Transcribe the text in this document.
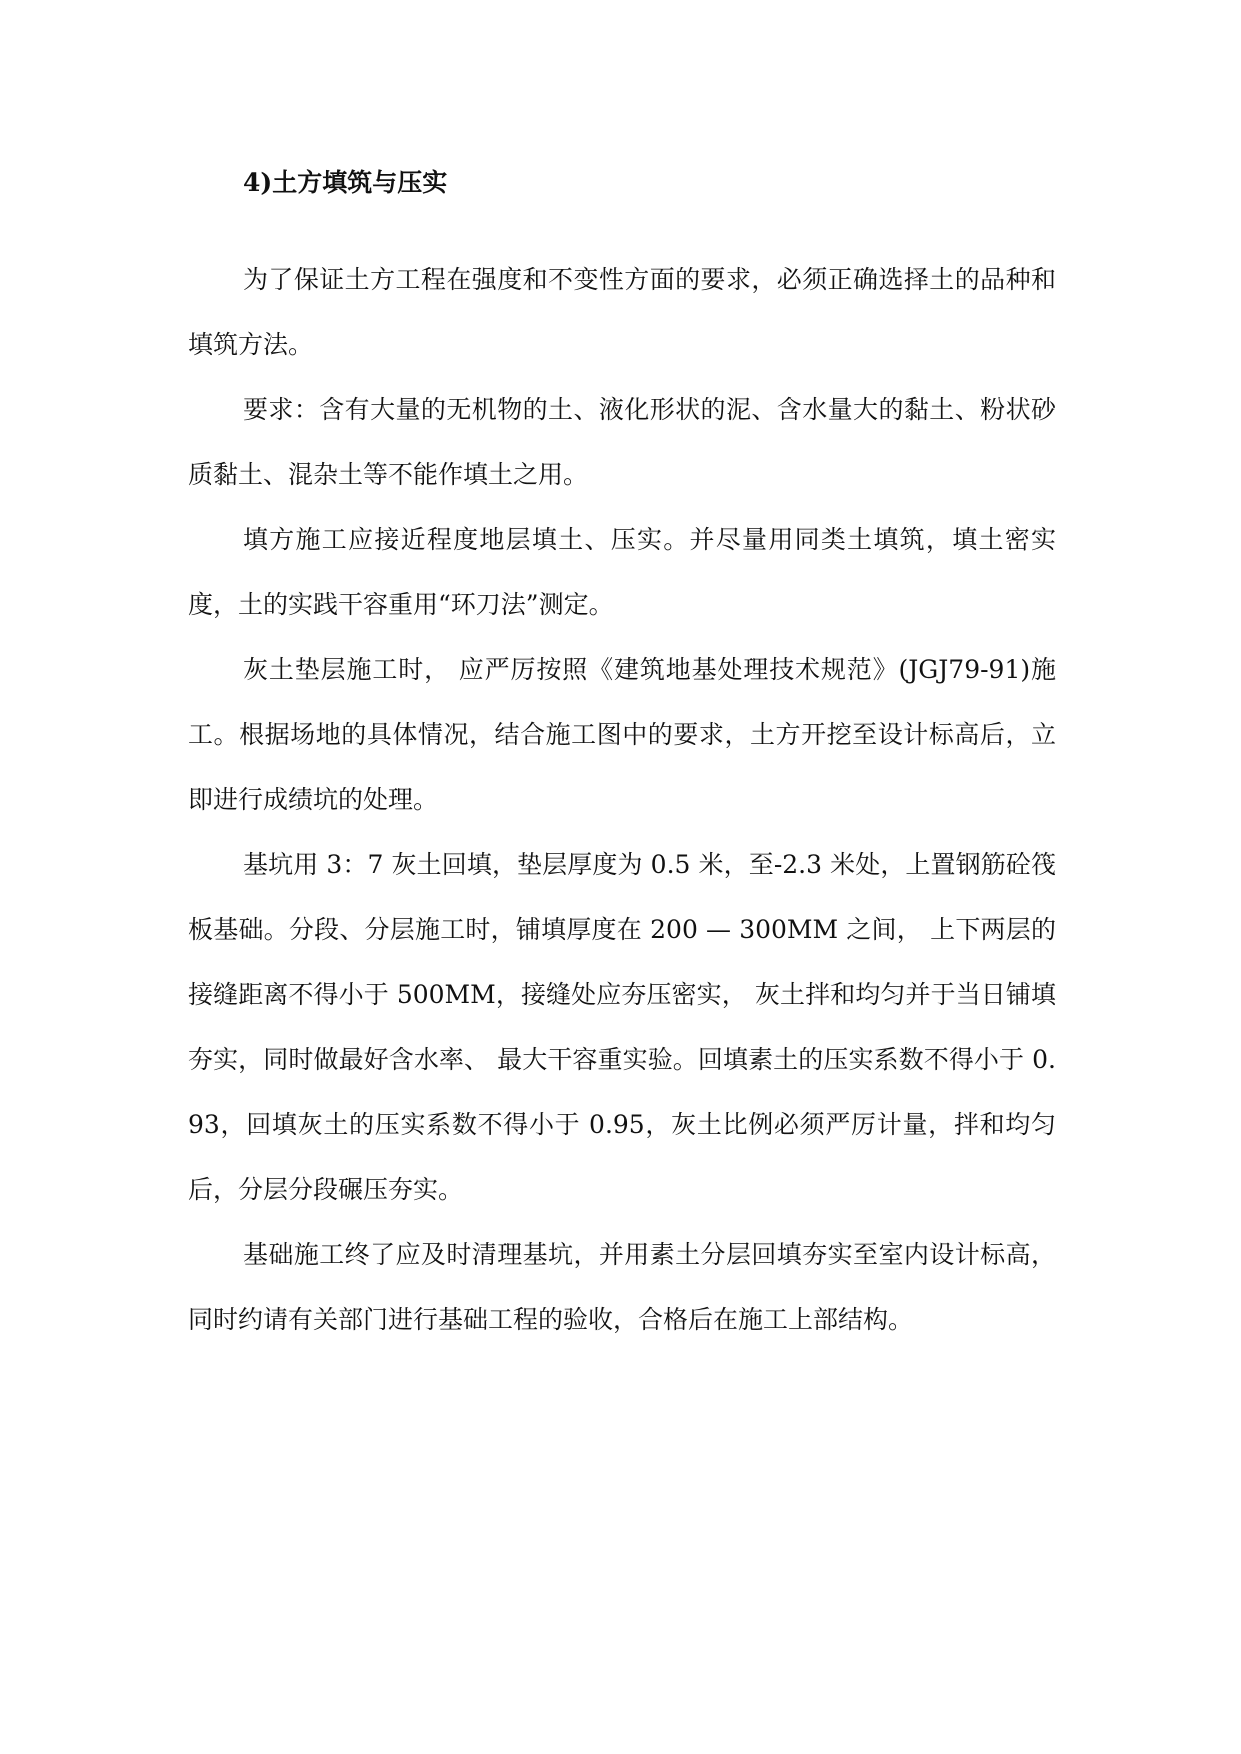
4)土方填筑与压实

为了保证土方工程在强度和不变性方面的要求，必须正确选择土的品种和填筑方法。

要求：含有大量的无机物的土、液化形状的泥、含水量大的黏土、粉状砂质黏土、混杂土等不能作填土之用。

填方施工应接近程度地层填土、压实。并尽量用同类土填筑，填土密实度，土的实践干容重用“环刀法”测定。

灰土垫层施工时， 应严厉按照《建筑地基处理技术规范》(JGJ79-91)施工。根据场地的具体情况，结合施工图中的要求，土方开挖至设计标高后，立即进行成绩坑的处理。

基坑用 3：7 灰土回填，垫层厚度为 0.5 米，至-2.3 米处，上置钢筋砼筏板基础。分段、分层施工时，铺填厚度在 200 — 300MM 之间， 上下两层的接缝距离不得小于 500MM，接缝处应夯压密实， 灰土拌和均匀并于当日铺填夯实，同时做最好含水率、 最大干容重实验。回填素土的压实系数不得小于 0.93，回填灰土的压实系数不得小于 0.95，灰土比例必须严厉计量，拌和均匀后，分层分段碾压夯实。

基础施工终了应及时清理基坑，并用素土分层回填夯实至室内设计标高，同时约请有关部门进行基础工程的验收，合格后在施工上部结构。
